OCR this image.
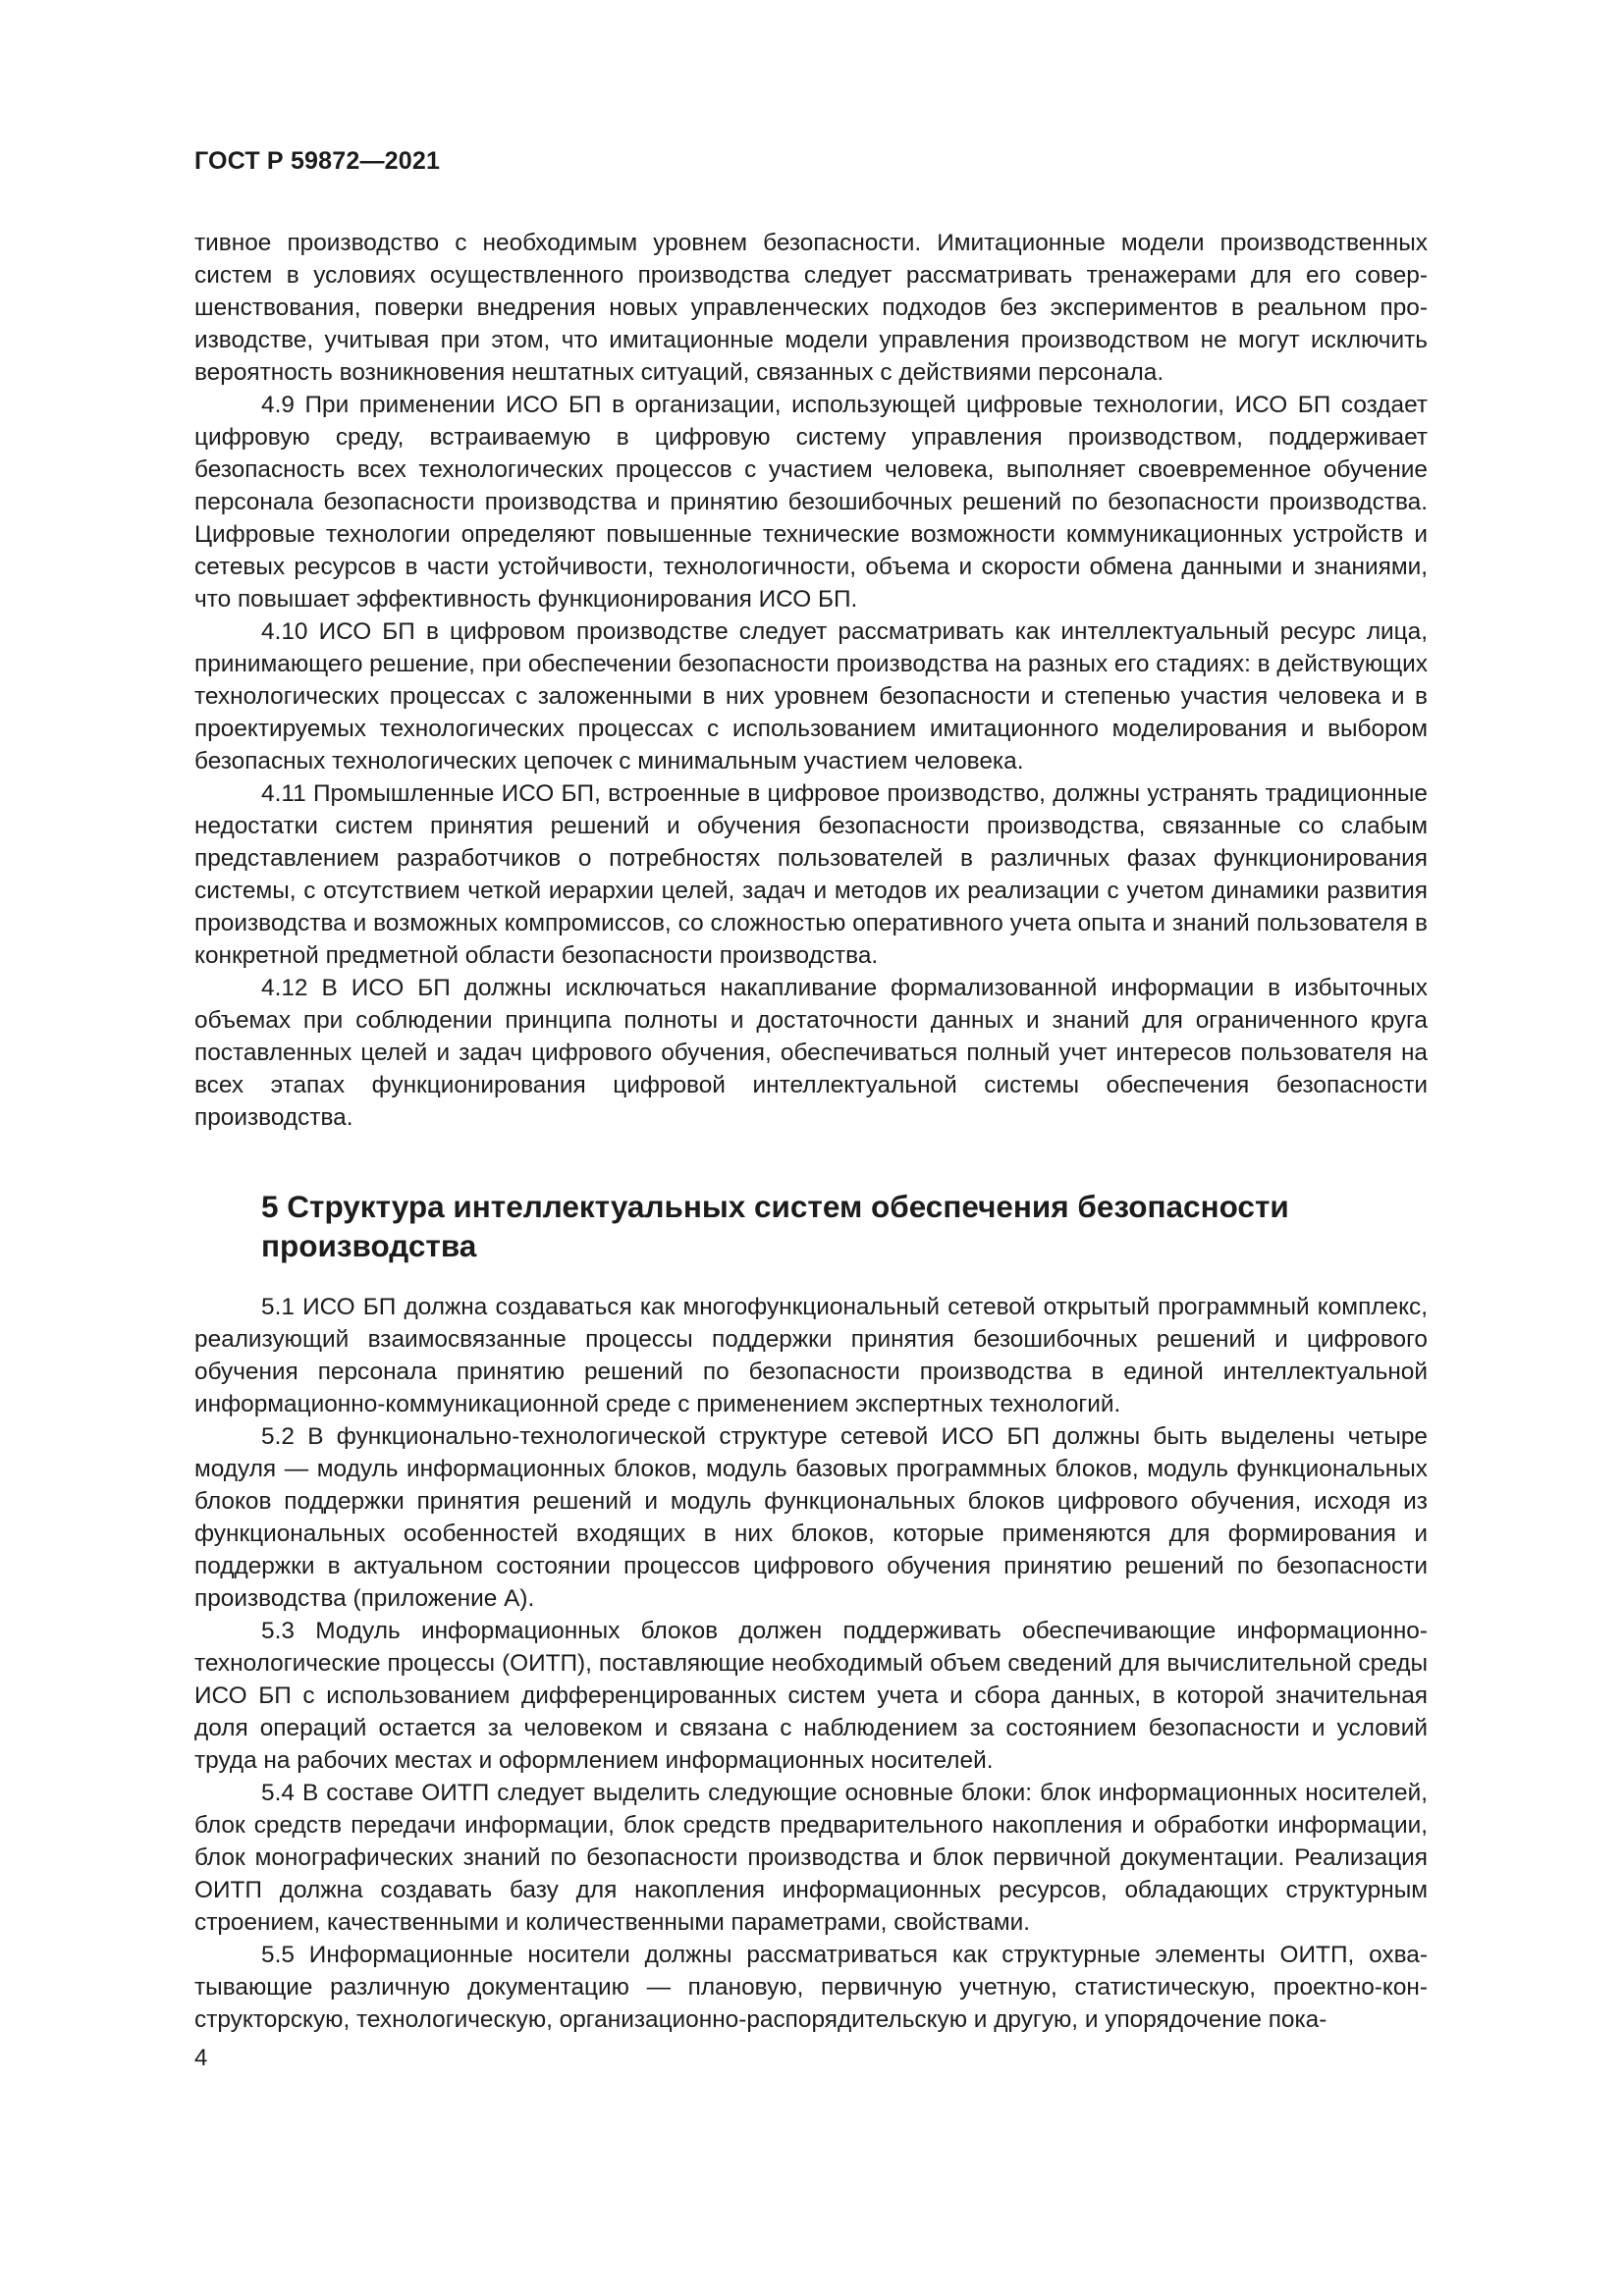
ГОСТ Р 59872—2021

тивное производство с необходимым уровнем безопасности. Имитационные модели производственных систем в условиях осуществленного производства следует рассматривать тренажерами для его совершенствования, поверки внедрения новых управленческих подходов без экспериментов в реальном производстве, учитывая при этом, что имитационные модели управления производством не могут исключить вероятность возникновения нештатных ситуаций, связанных с действиями персонала.

4.9 При применении ИСО БП в организации, использующей цифровые технологии, ИСО БП создает цифровую среду, встраиваемую в цифровую систему управления производством, поддерживает безопасность всех технологических процессов с участием человека, выполняет своевременное обучение персонала безопасности производства и принятию безошибочных решений по безопасности производства. Цифровые технологии определяют повышенные технические возможности коммуникационных устройств и сетевых ресурсов в части устойчивости, технологичности, объема и скорости обмена данными и знаниями, что повышает эффективность функционирования ИСО БП.

4.10 ИСО БП в цифровом производстве следует рассматривать как интеллектуальный ресурс лица, принимающего решение, при обеспечении безопасности производства на разных его стадиях: в действующих технологических процессах с заложенными в них уровнем безопасности и степенью участия человека и в проектируемых технологических процессах с использованием имитационного моделирования и выбором безопасных технологических цепочек с минимальным участием человека.

4.11 Промышленные ИСО БП, встроенные в цифровое производство, должны устранять традиционные недостатки систем принятия решений и обучения безопасности производства, связанные со слабым представлением разработчиков о потребностях пользователей в различных фазах функционирования системы, с отсутствием четкой иерархии целей, задач и методов их реализации с учетом динамики развития производства и возможных компромиссов, со сложностью оперативного учета опыта и знаний пользователя в конкретной предметной области безопасности производства.

4.12 В ИСО БП должны исключаться накапливание формализованной информации в избыточных объемах при соблюдении принципа полноты и достаточности данных и знаний для ограниченного круга поставленных целей и задач цифрового обучения, обеспечиваться полный учет интересов пользователя на всех этапах функционирования цифровой интеллектуальной системы обеспечения безопасности производства.

5 Структура интеллектуальных систем обеспечения безопасности производства

5.1 ИСО БП должна создаваться как многофункциональный сетевой открытый программный комплекс, реализующий взаимосвязанные процессы поддержки принятия безошибочных решений и цифрового обучения персонала принятию решений по безопасности производства в единой интеллектуальной информационно-коммуникационной среде с применением экспертных технологий.

5.2 В функционально-технологической структуре сетевой ИСО БП должны быть выделены четыре модуля — модуль информационных блоков, модуль базовых программных блоков, модуль функциональных блоков поддержки принятия решений и модуль функциональных блоков цифрового обучения, исходя из функциональных особенностей входящих в них блоков, которые применяются для формирования и поддержки в актуальном состоянии процессов цифрового обучения принятию решений по безопасности производства (приложение А).

5.3 Модуль информационных блоков должен поддерживать обеспечивающие информационнотехнологические процессы (ОИТП), поставляющие необходимый объем сведений для вычислительной среды ИСО БП с использованием дифференцированных систем учета и сбора данных, в которой значительная доля операций остается за человеком и связана с наблюдением за состоянием безопасности и условий труда на рабочих местах и оформлением информационных носителей.

5.4 В составе ОИТП следует выделить следующие основные блоки: блок информационных носителей, блок средств передачи информации, блок средств предварительного накопления и обработки информации, блок монографических знаний по безопасности производства и блок первичной документации. Реализация ОИТП должна создавать базу для накопления информационных ресурсов, обладающих структурным строением, качественными и количественными параметрами, свойствами.

5.5 Информационные носители должны рассматриваться как структурные элементы ОИТП, охватывающие различную документацию — плановую, первичную учетную, статистическую, проектно-конструкторскую, технологическую, организационно-распорядительскую и другую, и упорядочение пока-

4
